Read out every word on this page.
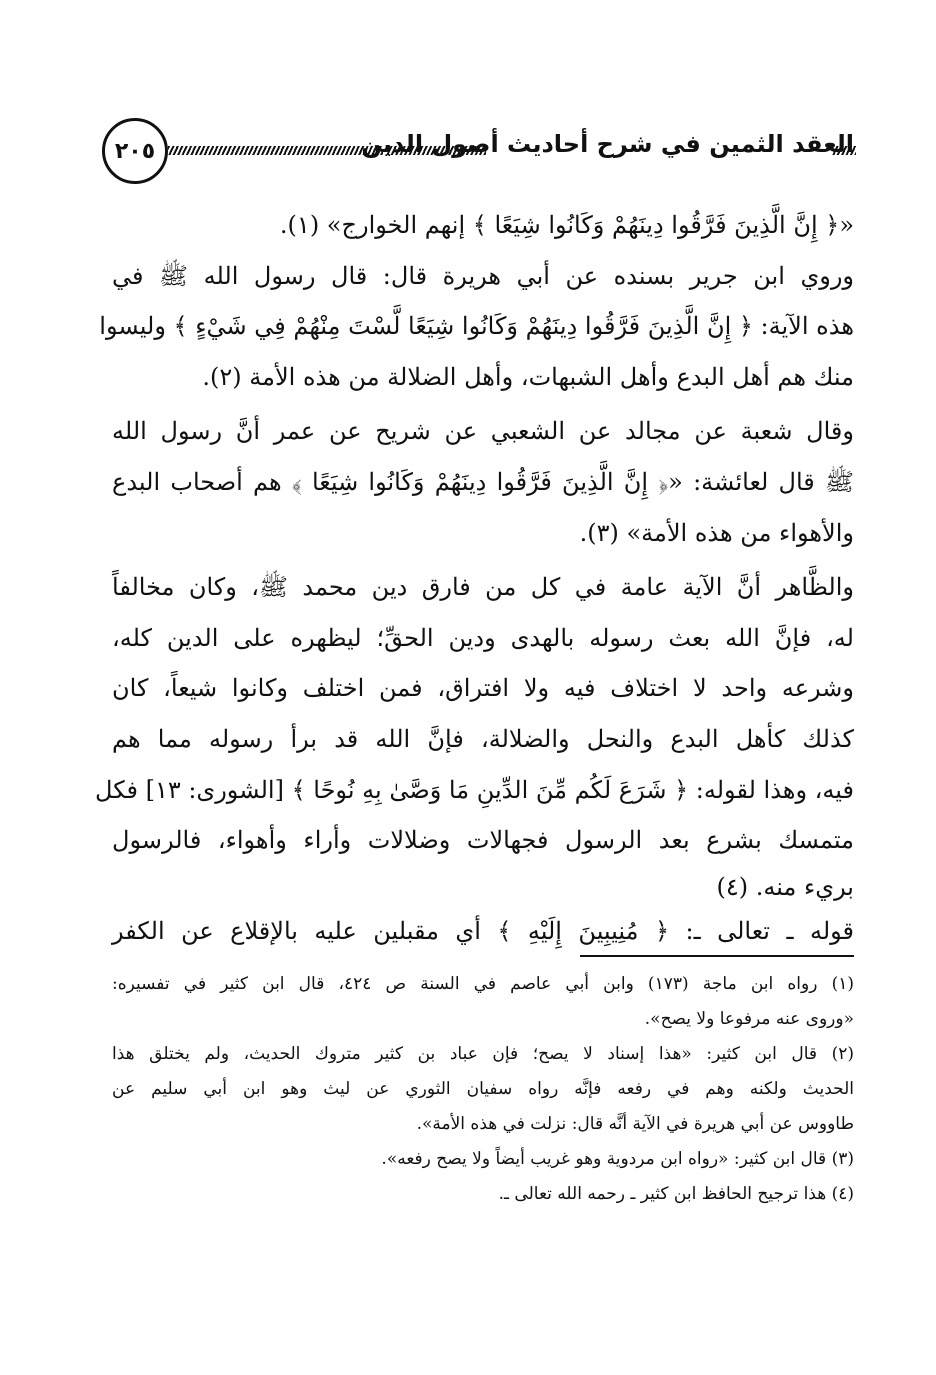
٢٠٥	العقد الثمين في شرح أحاديث أصول الدين
«﴿ إِنَّ الَّذِينَ فَرَّقُوا دِينَهُمْ وَكَانُوا شِيَعًا ﴾ إنهم الخوارج» (١).
وروي ابن جرير بسنده عن أبي هريرة قال: قال رسول الله ﷺ في
هذه الآية: ﴿ إِنَّ الَّذِينَ فَرَّقُوا دِينَهُمْ وَكَانُوا شِيَعًا لَّسْتَ مِنْهُمْ فِي شَيْءٍ ﴾ وليسوا
منك هم أهل البدع وأهل الشبهات، وأهل الضلالة من هذه الأمة (٢).
وقال شعبة عن مجالد عن الشعبي عن شريح عن عمر أنَّ رسول الله
ﷺ قال لعائشة: «﴿ إِنَّ الَّذِينَ فَرَّقُوا دِينَهُمْ وَكَانُوا شِيَعًا ﴾ هم أصحاب البدع
والأهواء من هذه الأمة» (٣).
والظَّاهر أنَّ الآية عامة في كل من فارق دين محمد ﷺ، وكان مخالفاً
له، فإنَّ الله بعث رسوله بالهدى ودين الحقِّ؛ ليظهره على الدين كله،
وشرعه واحد لا اختلاف فيه ولا افتراق، فمن اختلف وكانوا شيعاً، كان
كذلك كأهل البدع والنحل والضلالة، فإنَّ الله قد برأ رسوله مما هم
فيه، وهذا لقوله: ﴿ شَرَعَ لَكُم مِّنَ الدِّينِ مَا وَصَّىٰ بِهِ نُوحًا ﴾ [الشورى: ١٣] فكل
متمسك بشرع بعد الرسول فجهالات وضلالات وأراء وأهواء، فالرسول
بريء منه. (٤)
قوله ـ تعالى ـ: ﴿ مُنِيبِينَ إِلَيْهِ ﴾ أي مقبلين عليه بالإقلاع عن الكفر
(١) رواه ابن ماجة (١٧٣) وابن أبي عاصم في السنة ص ٤٢٤، قال ابن كثير في تفسيره:
«وروى عنه مرفوعا ولا يصح».
(٢) قال ابن كثير: «هذا إسناد لا يصح؛ فإن عباد بن كثير متروك الحديث، ولم يختلق هذا
الحديث ولكنه وهم في رفعه فإنَّه رواه سفيان الثوري عن ليث وهو ابن أبي سليم عن
طاووس عن أبي هريرة في الآية أنَّه قال: نزلت في هذه الأمة».
(٣) قال ابن كثير: «رواه ابن مردوية وهو غريب أيضاً ولا يصح رفعه».
(٤) هذا ترجيح الحافظ ابن كثير ـ رحمه الله تعالى ـ.
